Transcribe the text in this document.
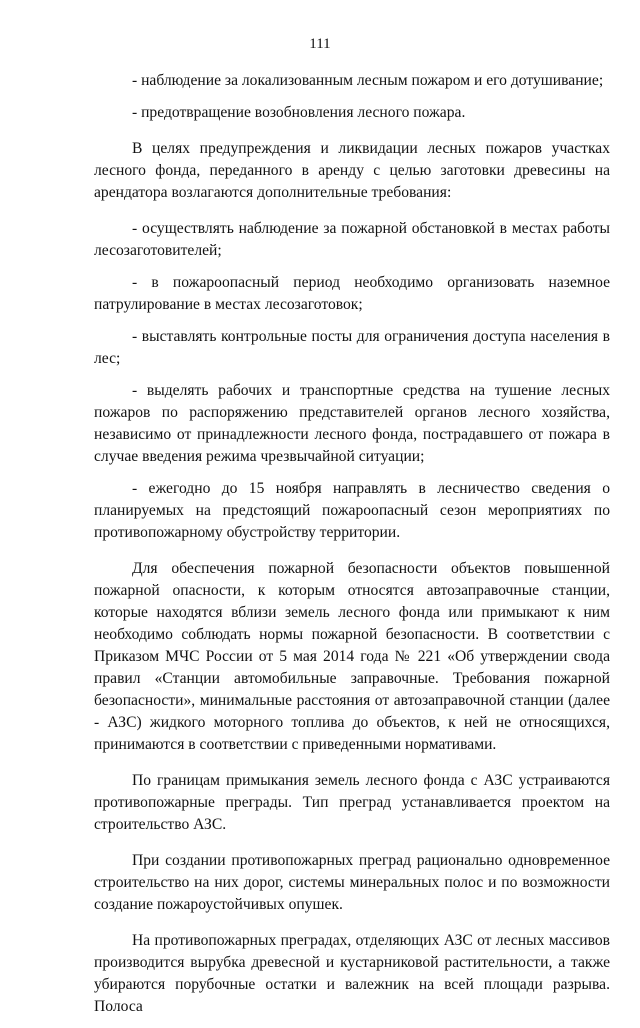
111

- наблюдение за локализованным лесным пожаром и его дотушивание;

- предотвращение возобновления лесного пожара.

В целях предупреждения и ликвидации лесных пожаров участках лесного фонда, переданного в аренду с целью заготовки древесины на арендатора возлагаются дополнительные требования:

- осуществлять наблюдение за пожарной обстановкой в местах работы лесозаготовителей;

- в пожароопасный период необходимо организовать наземное патрулирование в местах лесозаготовок;

- выставлять контрольные посты для ограничения доступа населения в лес;

- выделять рабочих и транспортные средства на тушение лесных пожаров по распоряжению представителей органов лесного хозяйства, независимо от принадлежности лесного фонда, пострадавшего от пожара в случае введения режима чрезвычайной ситуации;

- ежегодно до 15 ноября направлять в лесничество сведения о планируемых на предстоящий пожароопасный сезон мероприятиях по противопожарному обустройству территории.

Для обеспечения пожарной безопасности объектов повышенной пожарной опасности, к которым относятся автозаправочные станции, которые находятся вблизи земель лесного фонда или примыкают к ним необходимо соблюдать нормы пожарной безопасности. В соответствии с Приказом МЧС России от 5 мая 2014 года № 221 «Об утверждении свода правил «Станции автомобильные заправочные. Требования пожарной безопасности», минимальные расстояния от автозаправочной станции (далее - АЗС) жидкого моторного топлива до объектов, к ней не относящихся, принимаются в соответствии с приведенными нормативами.

По границам примыкания земель лесного фонда с АЗС устраиваются противопожарные преграды. Тип преград устанавливается проектом на строительство АЗС.

При создании противопожарных преград рационально одновременное строительство на них дорог, системы минеральных полос и по возможности создание пожароустойчивых опушек.

На противопожарных преградах, отделяющих АЗС от лесных массивов производится вырубка древесной и кустарниковой растительности, а также убираются порубочные остатки и валежник на всей площади разрыва. Полоса
